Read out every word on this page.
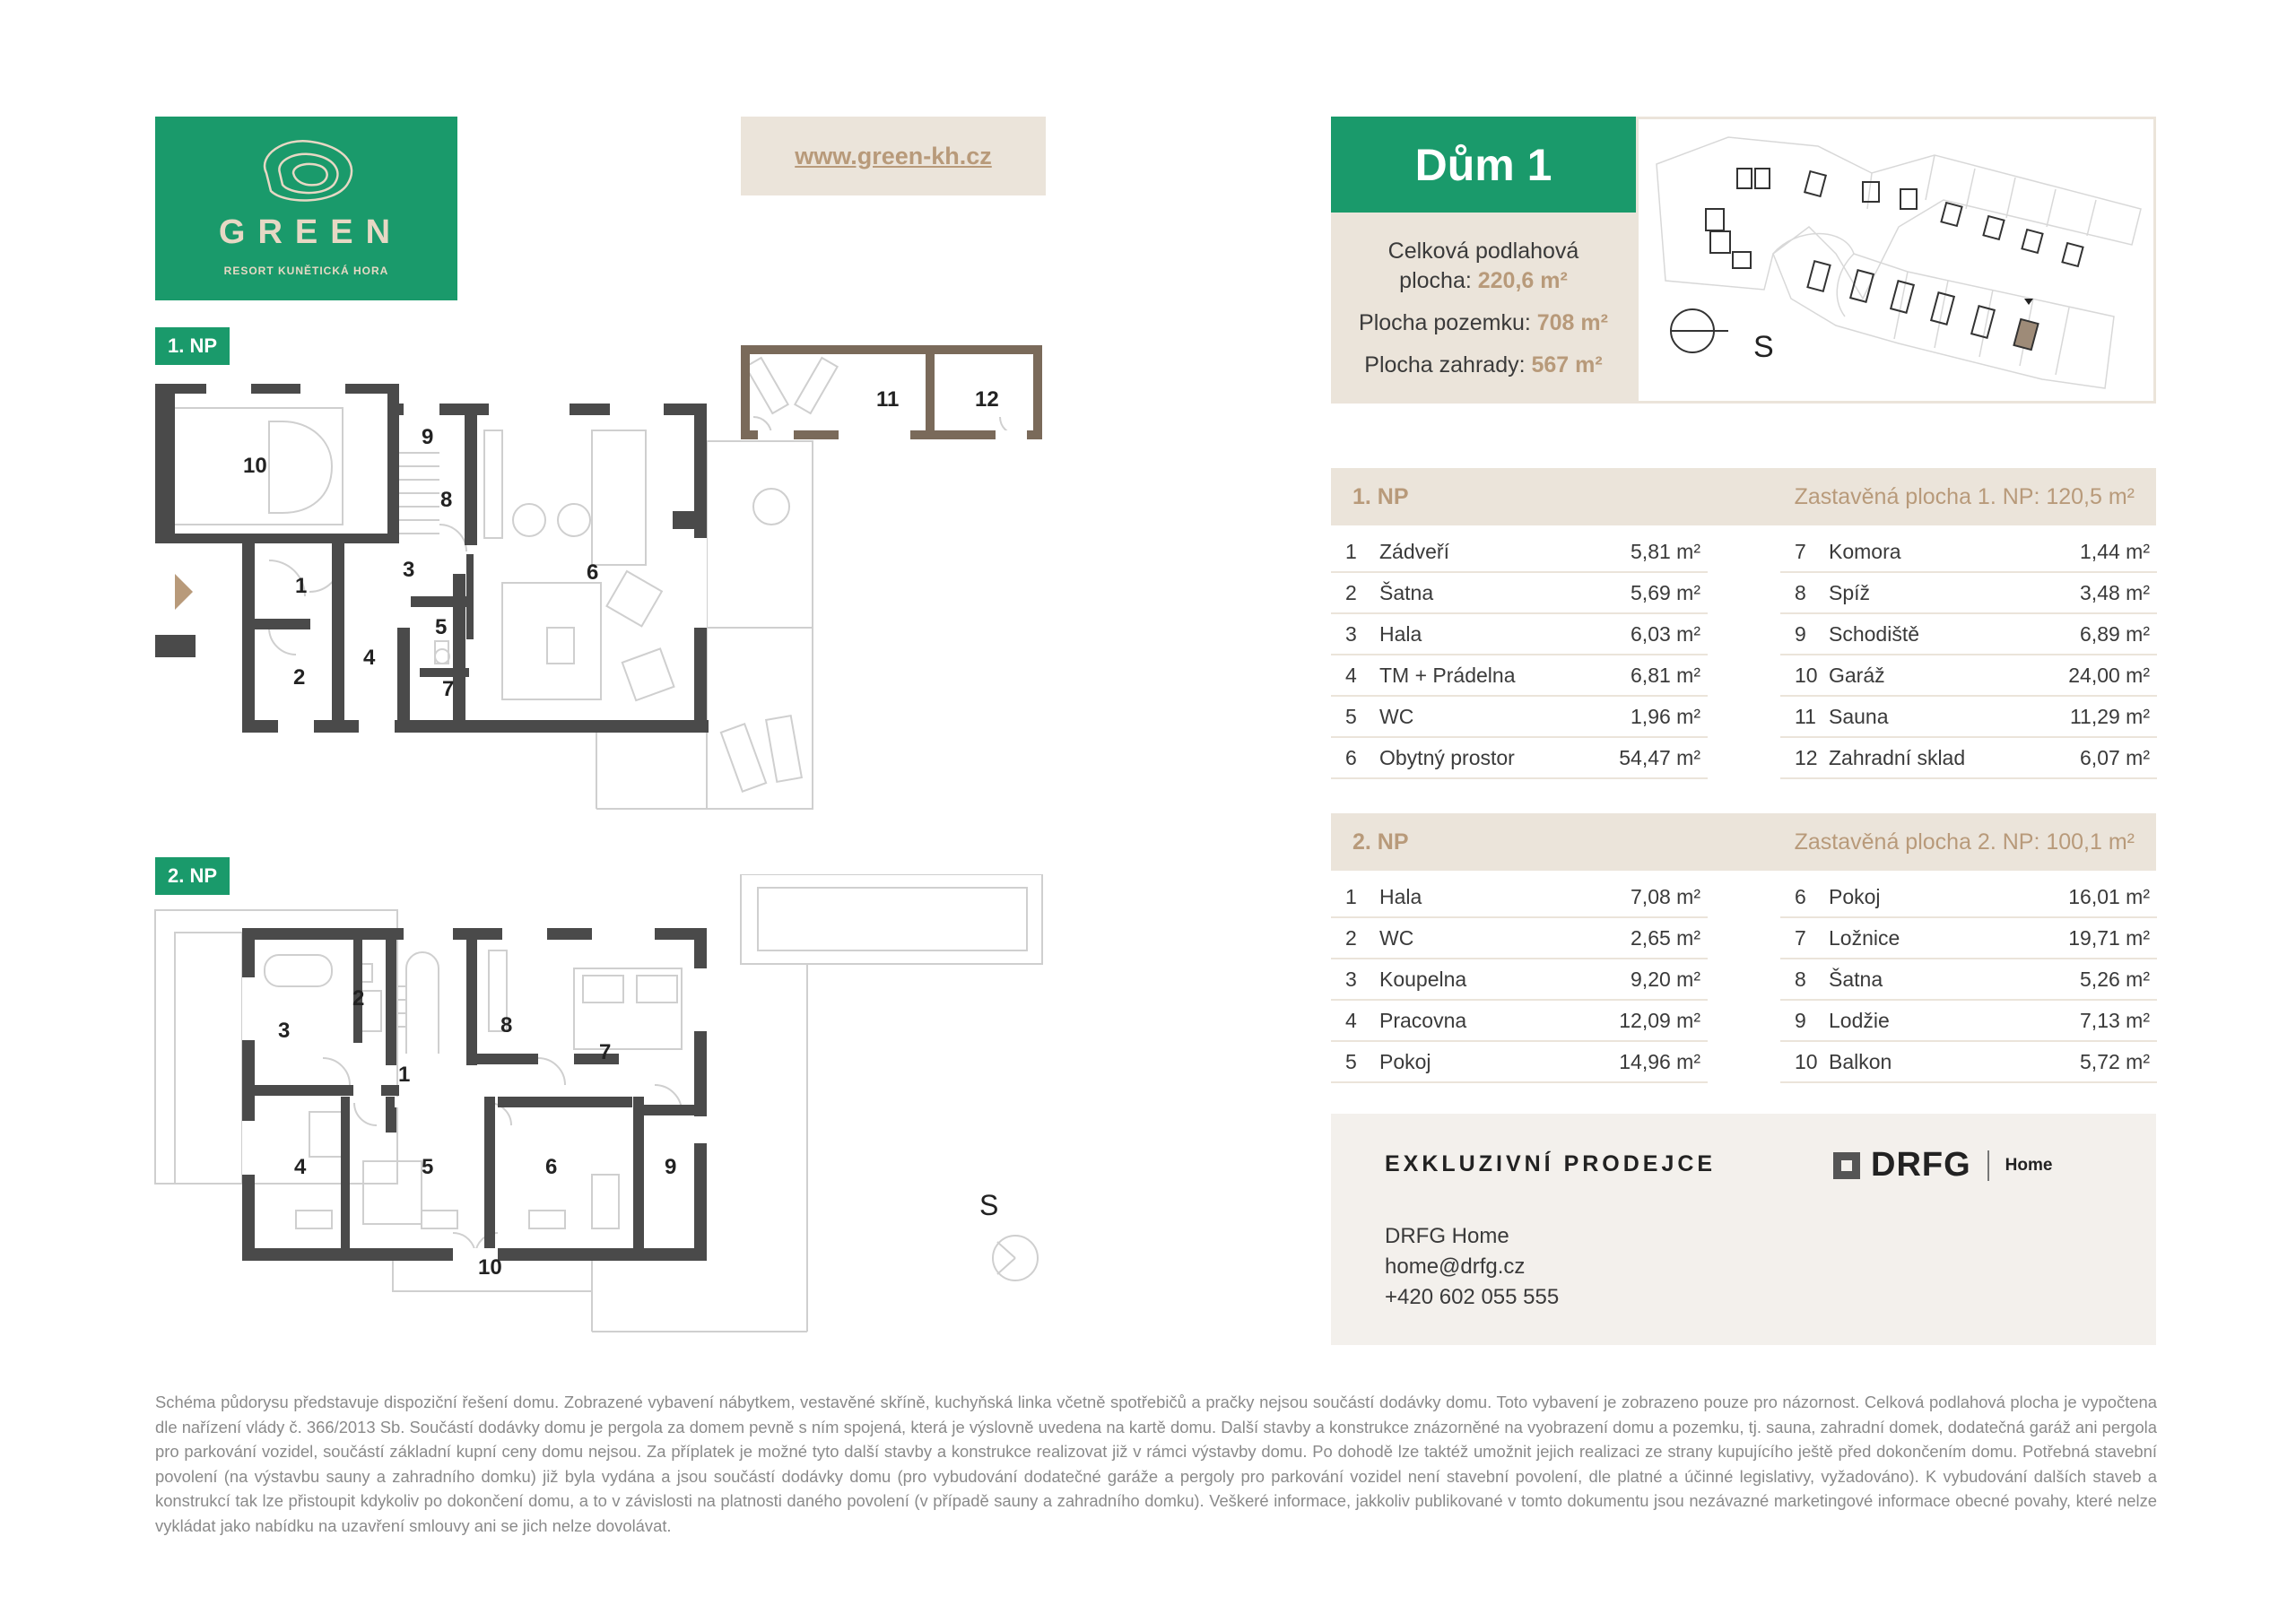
GREEN
RESORT KUNĚTICKÁ HORA
www.green-kh.cz
1. NP
2. NP
1
2
3
4
5
6
7
8
9
10
11	12
1
2
3
4	5	6
7
8
9
10
S
Dům 1
Celková podlahová
plocha: 220,6 m²
Plocha pozemku: 708 m²
Plocha zahrady: 567 m²
S
1. NP	Zastavěná plocha 1. NP: 120,5 m²
1 Zádveří	5,81 m²
2 Šatna	5,69 m²
3 Hala	6,03 m²
4 TM + Prádelna	6,81 m²
5 WC	1,96 m²
6 Obytný prostor	54,47 m²
7 Komora	1,44 m²
8 Spíž	3,48 m²
9 Schodiště	6,89 m²
10 Garáž	24,00 m²
11 Sauna	11,29 m²
12 Zahradní sklad	6,07 m²
2. NP	Zastavěná plocha 2. NP: 100,1 m²
1 Hala	7,08 m²
2 WC	2,65 m²
3 Koupelna	9,20 m²
4 Pracovna	12,09 m²
5 Pokoj	14,96 m²
6 Pokoj	16,01 m²
7 Ložnice	19,71 m²
8 Šatna	5,26 m²
9 Lodžie	7,13 m²
10 Balkon	5,72 m²
EXKLUZIVNÍ PRODEJCE	DRFG Home
DRFG Home
home@drfg.cz
+420 602 055 555
Schéma půdorysu představuje dispoziční řešení domu. Zobrazené vybavení nábytkem, vestavěné skříně, kuchyňská linka včetně spotřebičů a pračky nejsou součástí dodávky domu. Toto vybavení je zobrazeno pouze pro názornost. Celková podlahová plocha je vypočtena dle nařízení vlády č. 366/2013 Sb. Součástí dodávky domu je pergola za domem pevně s ním spojená, která je výslovně uvedena na kartě domu. Další stavby a konstrukce znázorněné na vyobrazení domu a pozemku, tj. sauna, zahradní domek, dodatečná garáž ani pergola pro parkování vozidel, součástí základní kupní ceny domu nejsou. Za příplatek je možné tyto další stavby a konstrukce realizovat již v rámci výstavby domu. Po dohodě lze taktéž umožnit jejich realizaci ze strany kupujícího ještě před dokončením domu. Potřebná stavební povolení (na výstavbu sauny a zahradního domku) již byla vydána a jsou součástí dodávky domu (pro vybudování dodatečné garáže a pergoly pro parkování vozidel není stavební povolení, dle platné a účinné legislativy, vyžadováno). K vybudování dalších staveb a konstrukcí tak lze přistoupit kdykoliv po dokončení domu, a to v závislosti na platnosti daného povolení (v případě sauny a zahradního domku). Veškeré informace, jakkoliv publikované v tomto dokumentu jsou nezávazné marketingové informace obecné povahy, které nelze vykládat jako nabídku na uzavření smlouvy ani se jich nelze dovolávat.
